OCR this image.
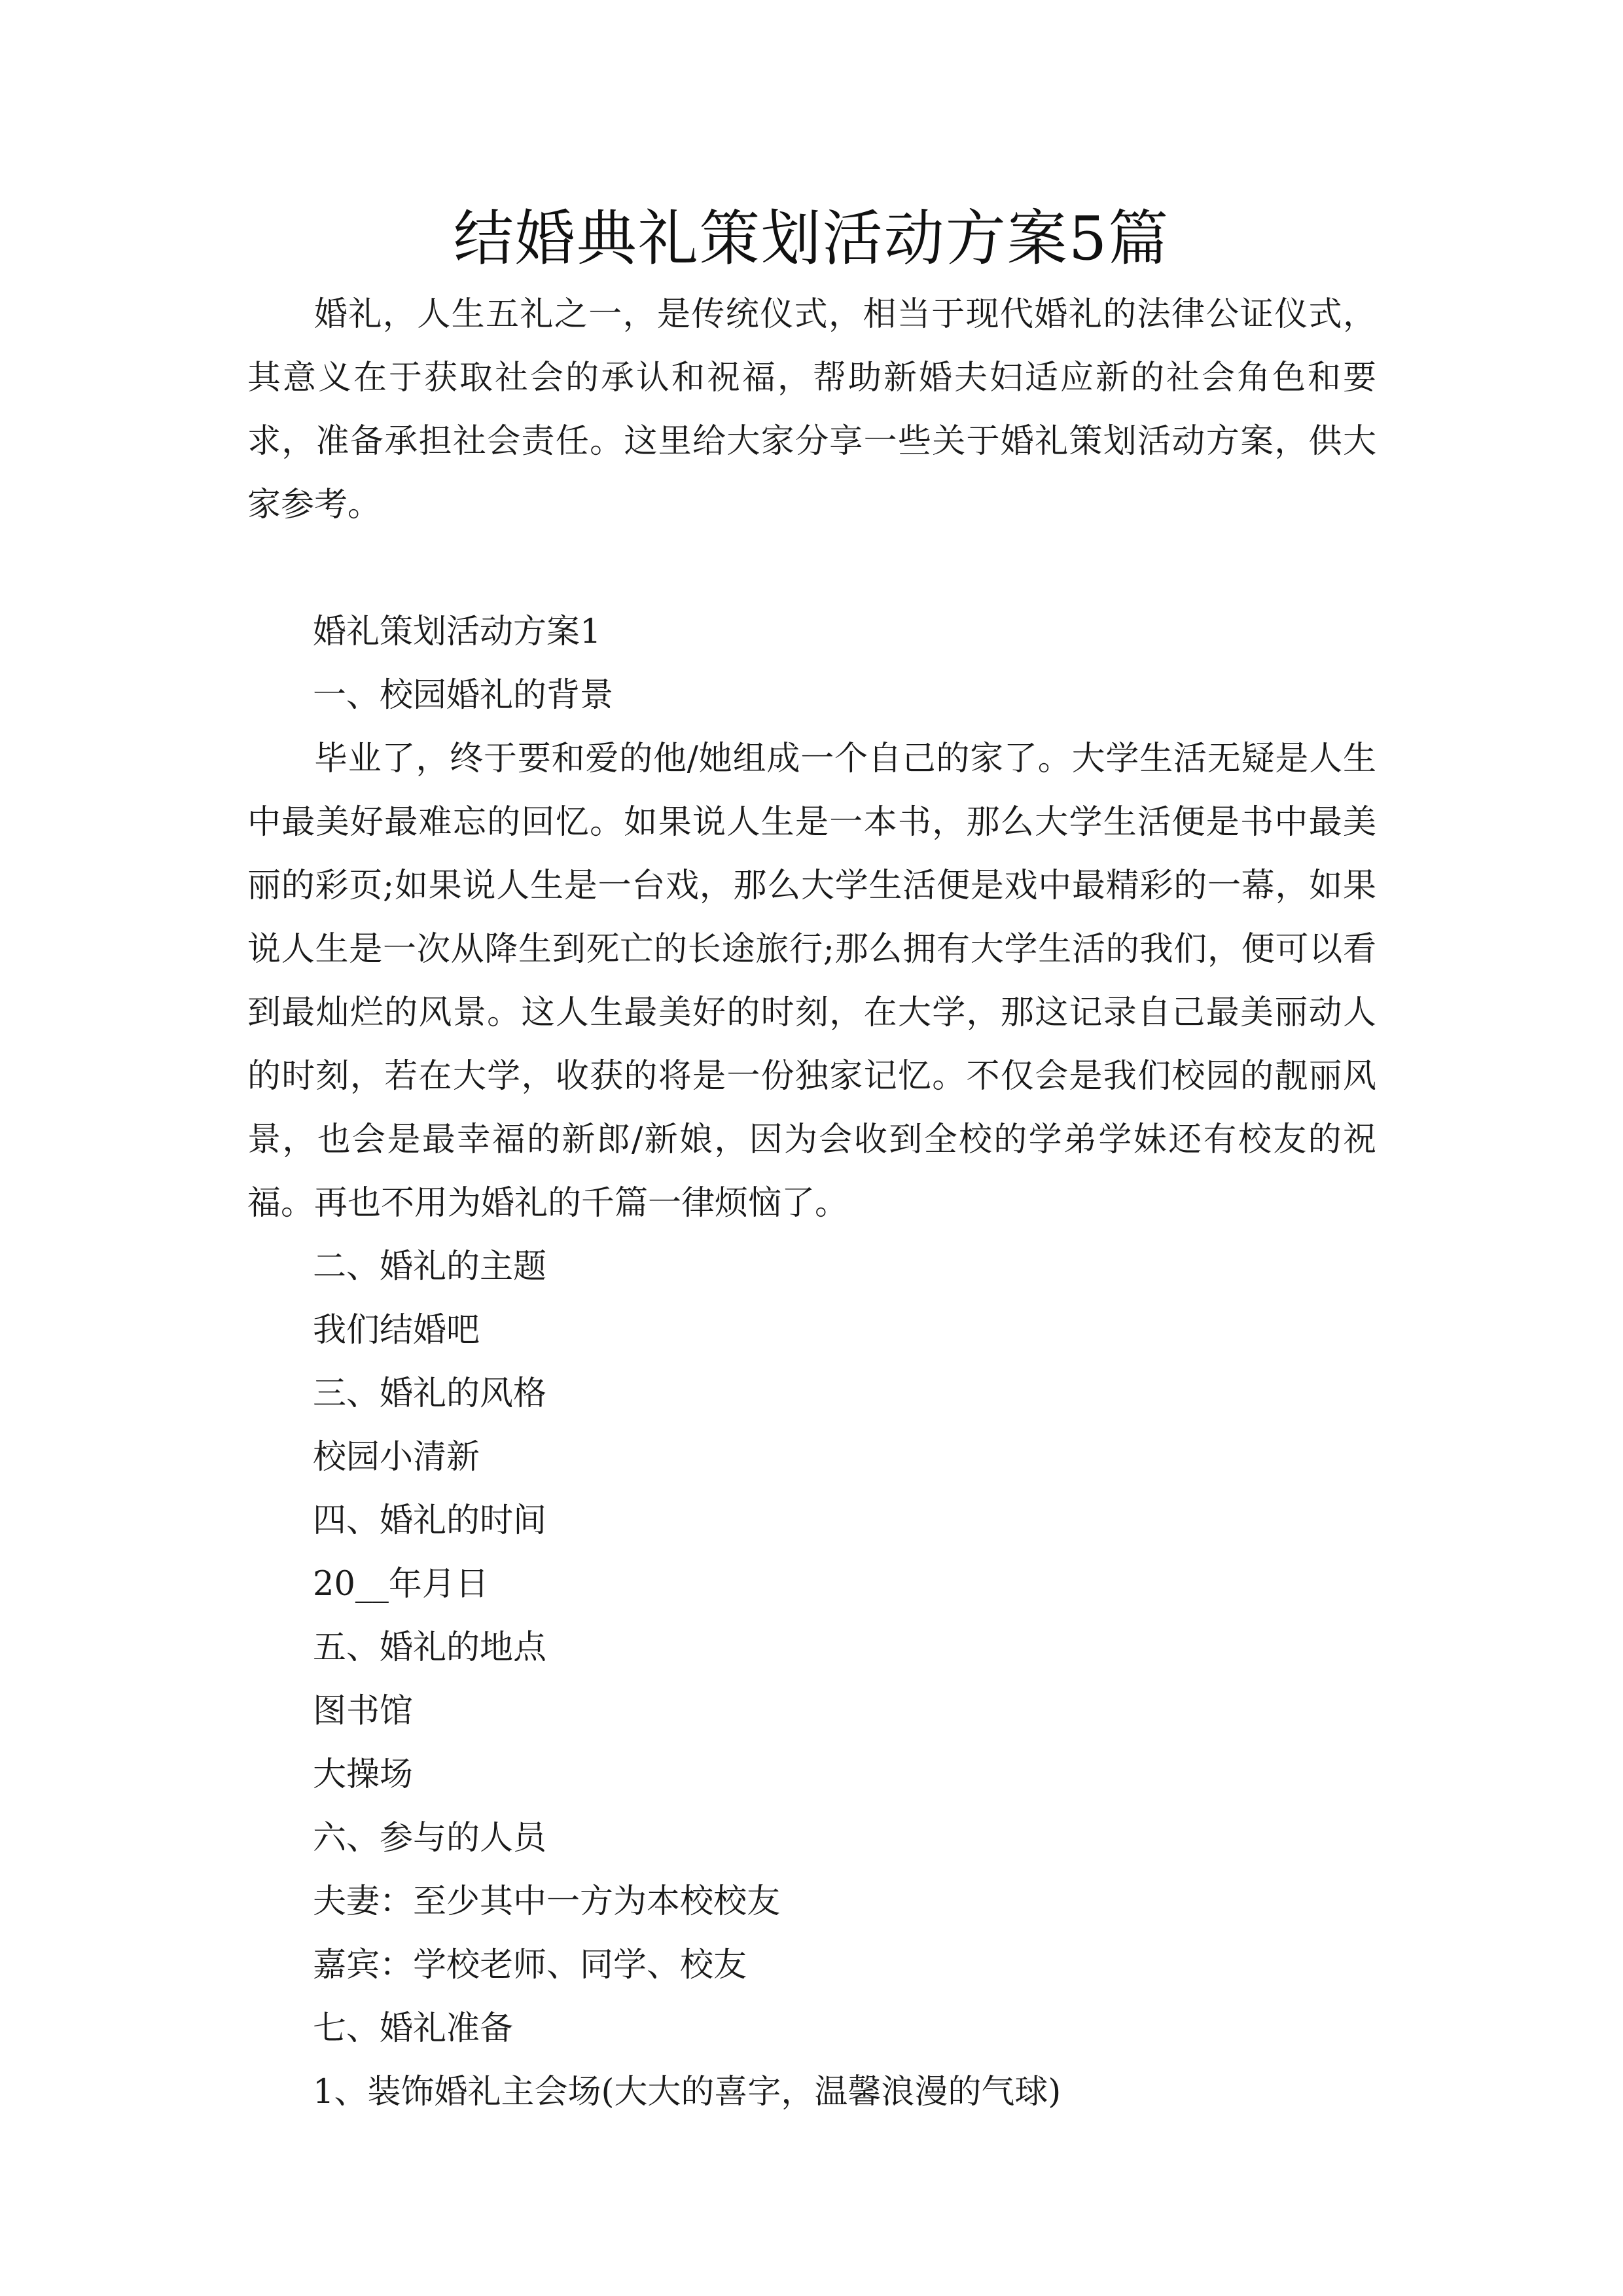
结婚典礼策划活动方案5篇

婚礼，人生五礼之一，是传统仪式，相当于现代婚礼的法律公证仪式，其意义在于获取社会的承认和祝福，帮助新婚夫妇适应新的社会角色和要求，准备承担社会责任。这里给大家分享一些关于婚礼策划活动方案，供大家参考。

婚礼策划活动方案1

一、校园婚礼的背景

毕业了，终于要和爱的他/她组成一个自己的家了。大学生活无疑是人生中最美好最难忘的回忆。如果说人生是一本书，那么大学生活便是书中最美丽的彩页;如果说人生是一台戏，那么大学生活便是戏中最精彩的一幕，如果说人生是一次从降生到死亡的长途旅行;那么拥有大学生活的我们，便可以看到最灿烂的风景。这人生最美好的时刻，在大学，那这记录自己最美丽动人的时刻，若在大学，收获的将是一份独家记忆。不仅会是我们校园的靓丽风景，也会是最幸福的新郎/新娘，因为会收到全校的学弟学妹还有校友的祝福。再也不用为婚礼的千篇一律烦恼了。

二、婚礼的主题

我们结婚吧

三、婚礼的风格

校园小清新

四、婚礼的时间

20__年月日

五、婚礼的地点

图书馆

大操场

六、参与的人员

夫妻：至少其中一方为本校校友

嘉宾：学校老师、同学、校友

七、婚礼准备

1、装饰婚礼主会场(大大的喜字，温馨浪漫的气球)
